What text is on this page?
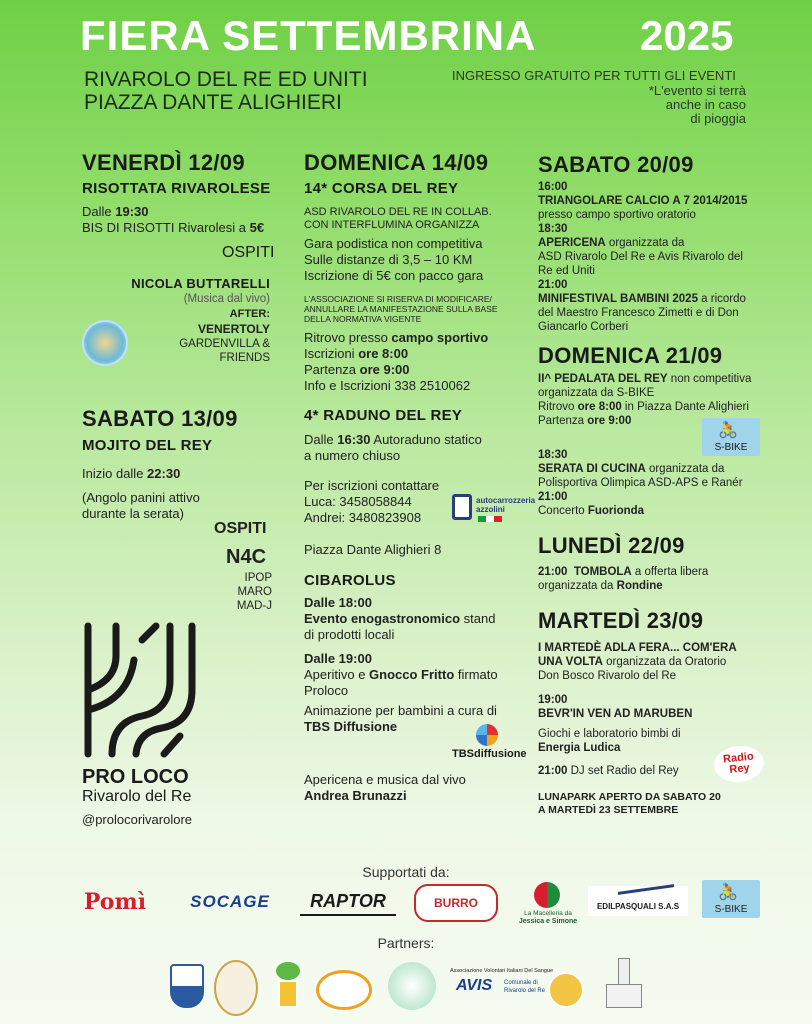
FIERA SETTEMBRINA 2025
RIVAROLO DEL RE ED UNITI
PIAZZA DANTE ALIGHIERI
INGRESSO GRATUITO PER TUTTI GLI EVENTI
*L'evento si terrà
anche in caso
di pioggia
VENERDÌ 12/09
RISOTTATA RIVAROLESE
Dalle 19:30
BIS DI RISOTTI Rivarolesi a 5€
OSPITI
NICOLA BUTTARELLI
(Musica dal vivo)
AFTER:
VENERTOLY
GARDENVILLA &
FRIENDS
SABATO 13/09
MOJITO DEL REY
Inizio dalle 22:30
(Angolo panini attivo
durante la serata)
OSPITI
N4C
IPOP
MARO
MAD-J
PRO LOCO
Rivarolo del Re
@prolocorivarolore
DOMENICA 14/09
14* CORSA DEL REY
ASD RIVAROLO DEL RE IN COLLAB.
CON INTERFLUMINA ORGANIZZA
Gara podistica non competitiva
Sulle distanze di 3,5 – 10 KM
Iscrizione di 5€ con pacco gara
L'ASSOCIAZIONE SI RISERVA DI MODIFICARE/
ANNULLARE LA MANIFESTAZIONE SULLA BASE
DELLA NORMATIVA VIGENTE
Ritrovo presso campo sportivo
Iscrizioni ore 8:00
Partenza ore 9:00
Info e Iscrizioni 338 2510062
4* RADUNO DEL REY
Dalle 16:30 Autoraduno statico
a numero chiuso
Per iscrizioni contattare
Luca: 3458058844
Andrei: 3480823908
autocarrozzeria
azzolini
Piazza Dante Alighieri 8
CIBAROLUS
Dalle 18:00
Evento enogastronomico stand
di prodotti locali
Dalle 19:00
Aperitivo e Gnocco Fritto firmato
Proloco
Animazione per bambini a cura di
TBS Diffusione
TBSdiffusione
Apericena e musica dal vivo
Andrea Brunazzi
SABATO 20/09
16:00
TRIANGOLARE CALCIO A 7 2014/2015
presso campo sportivo oratorio
18:30
APERICENA organizzata da
ASD Rivarolo Del Re e Avis Rivarolo del
Re ed Uniti
21:00
MINIFESTIVAL BAMBINI 2025 a ricordo
del Maestro Francesco Zimetti e di Don
Giancarlo Corberi
DOMENICA 21/09
II^ PEDALATA DEL REY non competitiva
organizzata da S-BIKE
Ritrovo ore 8:00 in Piazza Dante Alighieri
Partenza ore 9:00
🚴
S-BIKE
18:30
SERATA DI CUCINA organizzata da
Polisportiva Olimpica ASD-APS e Ranér
21:00
Concerto Fuorionda
LUNEDÌ 22/09
21:00 TOMBOLA a offerta libera
organizzata da Rondine
MARTEDÌ 23/09
I MARTEDÈ ADLA FERA... COM'ERA
UNA VOLTA organizzata da Oratorio
Don Bosco Rivarolo del Re
19:00
BEVR'IN VEN AD MARUBEN
Giochi e laboratorio bimbi di
Energia Ludica
21:00 DJ set Radio del Rey
Radio Rey
LUNAPARK APERTO DA SABATO 20
A MARTEDÌ 23 SETTEMBRE
Supportati da:
Pomì	SOCAGE	RAPTOR	BURRO
La Macelleria da
Jessica e Simone
EDILPASQUALI S.A.S
🚴
S-BIKE
Partners:
Associazione Volontari Italiani Del Sangue
AVIS Comunale di
Rivarolo del Re
